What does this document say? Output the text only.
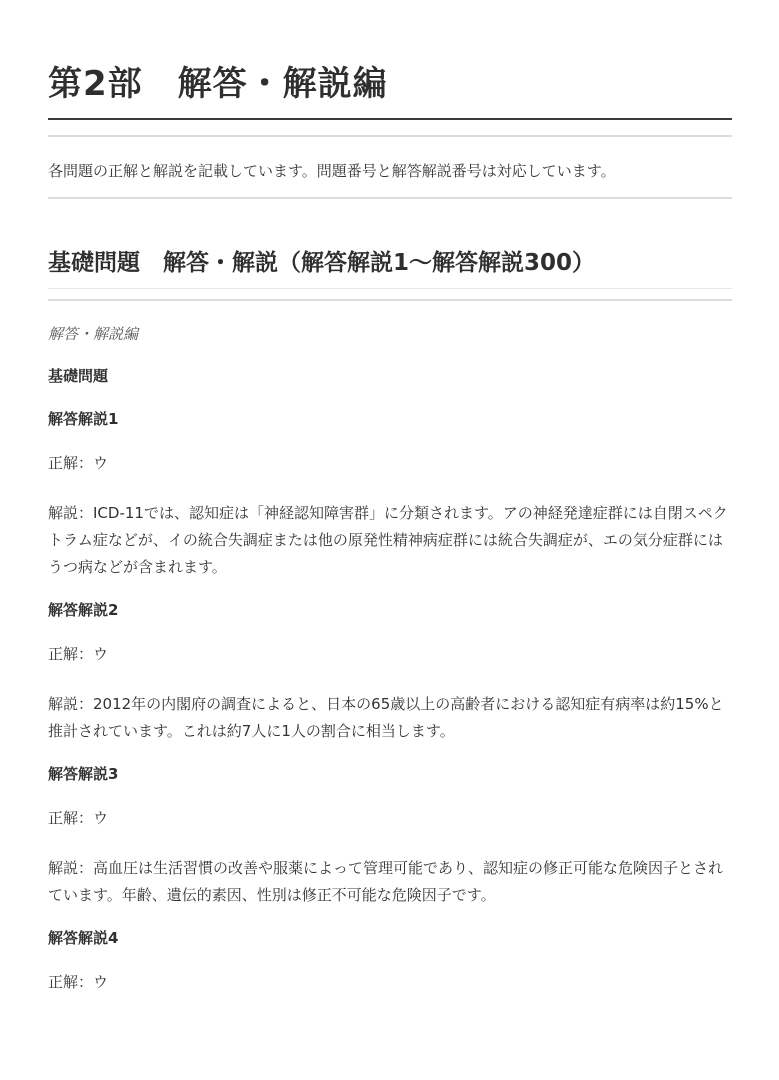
第2部　解答・解説編

各問題の正解と解説を記載しています。問題番号と解答解説番号は対応しています。

基礎問題　解答・解説（解答解説1〜解答解説300）

解答・解説編

基礎問題

解答解説1

正解：ウ

解説：ICD-11では、認知症は「神経認知障害群」に分類されます。アの神経発達症群には自閉スペクトラム症などが、イの統合失調症または他の原発性精神病症群には統合失調症が、エの気分症群にはうつ病などが含まれます。

解答解説2

正解：ウ

解説：2012年の内閣府の調査によると、日本の65歳以上の高齢者における認知症有病率は約15%と推計されています。これは約7人に1人の割合に相当します。

解答解説3

正解：ウ

解説：高血圧は生活習慣の改善や服薬によって管理可能であり、認知症の修正可能な危険因子とされています。年齢、遺伝的素因、性別は修正不可能な危険因子です。

解答解説4

正解：ウ
